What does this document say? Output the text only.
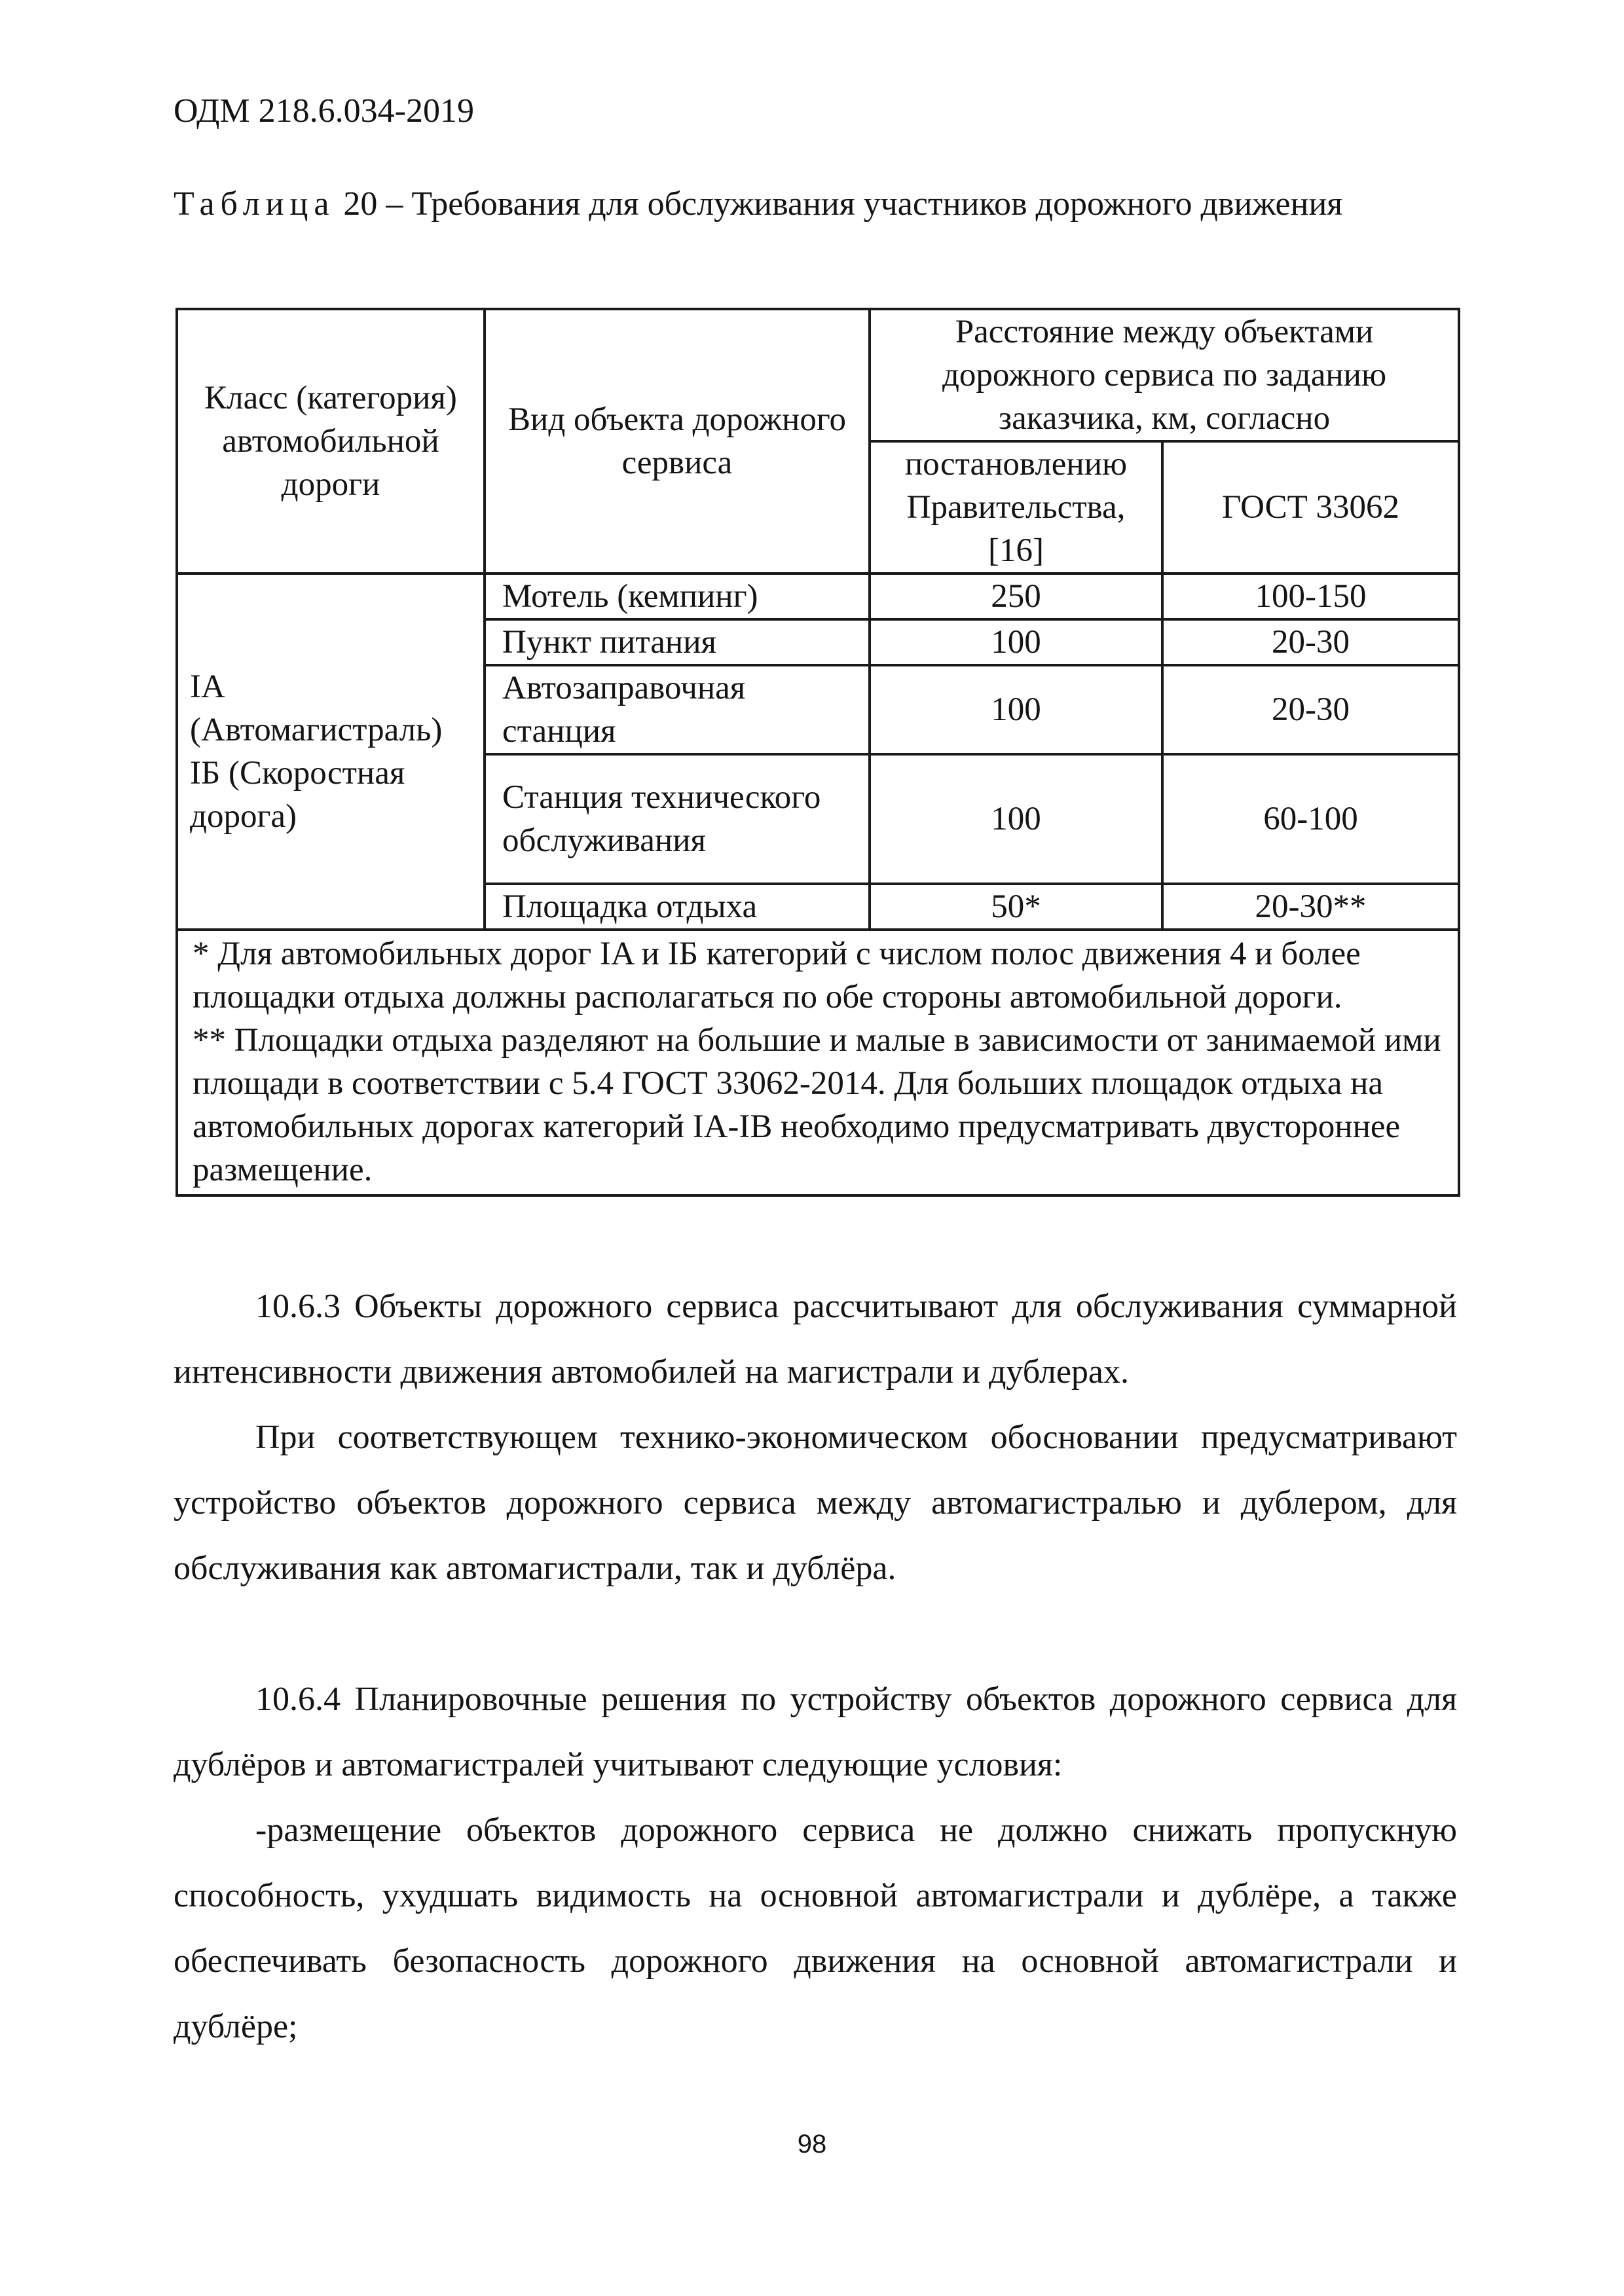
ОДМ 218.6.034-2019
Таблица 20 – Требования для обслуживания участников дорожного движения
Класс (категория) автомобильной дороги	Вид объекта дорожного сервиса	Расстояние между объектами дорожного сервиса по заданию заказчика, км, согласно	
		постановлению Правительства, [16]	ГОСТ 33062
IA (Автомагистраль) IБ (Скоростная дорога)	Мотель (кемпинг)	250	100-150
	Пункт питания	100	20-30
	Автозаправочная станция	100	20-30
	Станция технического обслуживания	100	60-100
	Площадка отдыха	50*	20-30**

* Для автомобильных дорог IA и IБ категорий с числом полос движения 4 и более площадки отдыха должны располагаться по обе стороны автомобильной дороги.

** Площадки отдыха разделяют на большие и малые в зависимости от занимаемой ими площади в соответствии с 5.4 ГОСТ 33062-2014. Для больших площадок отдыха на автомобильных дорогах категорий IA-IB необходимо предусматривать двустороннее размещение.			

10.6.3 Объекты дорожного сервиса рассчитывают для обслуживания суммарной интенсивности движения автомобилей на магистрали и дублерах.

При соответствующем технико-экономическом обосновании предусматривают устройство объектов дорожного сервиса между автомагистралью и дублером, для обслуживания как автомагистрали, так и дублёра.

10.6.4 Планировочные решения по устройству объектов дорожного сервиса для дублёров и автомагистралей учитывают следующие условия:

-размещение объектов дорожного сервиса не должно снижать пропускную способность, ухудшать видимость на основной автомагистрали и дублёре, а также обеспечивать безопасность дорожного движения на основной автомагистрали и дублёре;

98
